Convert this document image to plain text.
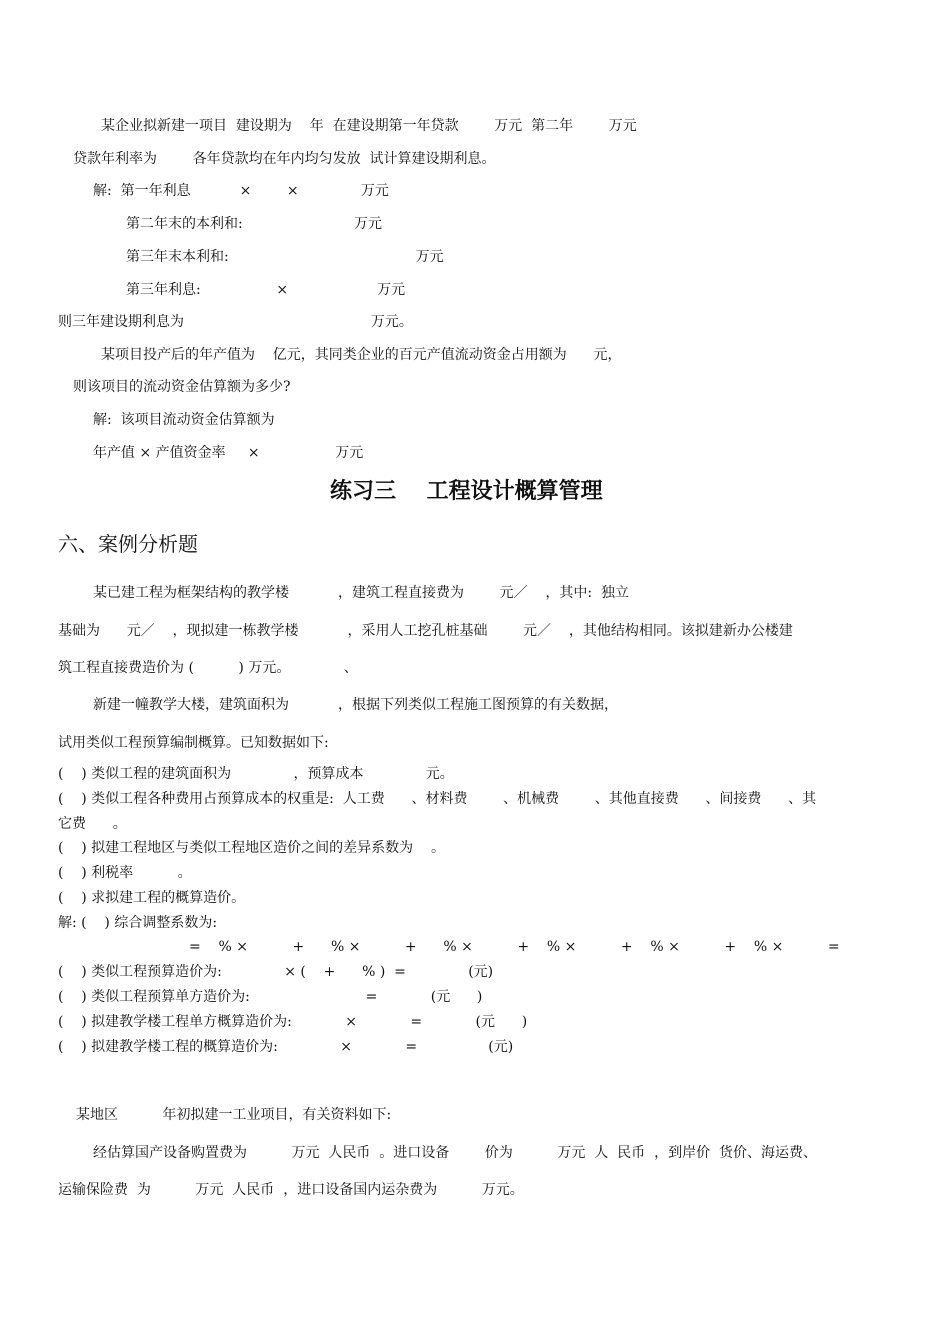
某企业拟新建一项目  建设期为    年  在建设期第一年贷款        万元  第二年        万元
贷款年利率为        各年贷款均在年内均匀发放  试计算建设期利息。
解:  第一年利息           ×        ×              万元
第二年末的本利和:                         万元
第三年末本利和:                                          万元
第三年利息:                 ×                    万元
则三年建设期利息为                                          万元。
某项目投产后的年产值为    亿元，其同类企业的百元产值流动资金占用额为      元，
则该项目的流动资金估算额为多少?
解:  该项目流动资金估算额为
年产值 × 产值资金率     ×                 万元
练习三    工程设计概算管理
六、案例分析题
某已建工程为框架结构的教学楼           ，建筑工程直接费为        元／    ，其中:  独立
基础为      元／    ，现拟建一栋教学楼           ，采用人工挖孔桩基础        元／    ，其他结构相同。该拟建新办公楼建
筑工程直接费造价为 (          ) 万元。            、
新建一幢教学大楼，建筑面积为           ，根据下列类似工程施工图预算的有关数据，
试用类似工程预算编制概算。已知数据如下:
(    ) 类似工程的建筑面积为              ，预算成本              元。
(    ) 类似工程各种费用占预算成本的权重是:  人工费      、材料费        、机械费        、其他直接费      、间接费      、其
它费      。
(    ) 拟建工程地区与类似工程地区造价之间的差异系数为    。
(    ) 利税率          。
(    ) 求拟建工程的概算造价。
解: (    ) 综合调整系数为:
=    % ×          +      % ×          +      % ×          +    % ×          +    % ×          +    % ×          =
(    ) 类似工程预算造价为:              × (    +      % )  =              (元)
(    ) 类似工程预算单方造价为:                          =            (元      )
(    ) 拟建教学楼工程单方概算造价为:            ×            =            (元      )
(    ) 拟建教学楼工程的概算造价为:              ×            =                (元)
某地区          年初拟建一工业项目，有关资料如下:
经估算国产设备购置费为          万元  人民币  。进口设备        价为          万元  人  民币  ，到岸价  货价、海运费、
运输保险费  为          万元  人民币  ，进口设备国内运杂费为          万元。
